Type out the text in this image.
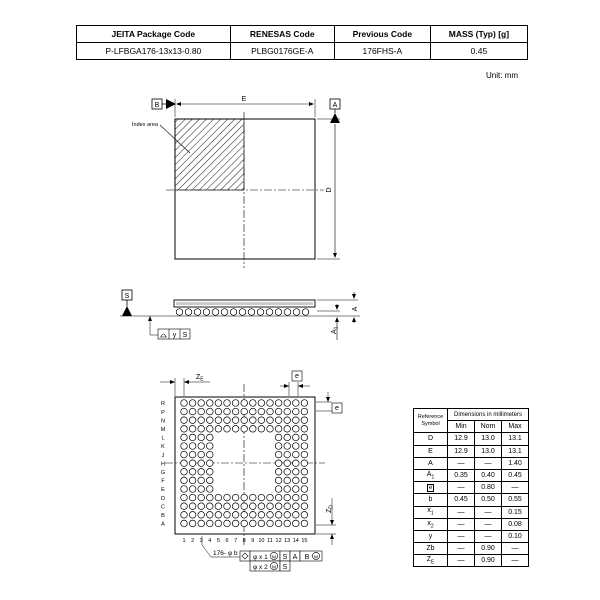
JEITA Package Code	RENESAS Code	Previous Code	MASS (Typ) [g]
P-LFBGA176-13x13-0.80	PLBG0176GE-A	176FHS-A	0.45
Unit: mm
Index area
B
E
A
D
S
A
$A_1$
y S
R
P
N
M
L
K
J
H
G
F
E
D
C
B
A
1 2 3 4 5 6 7 8 9 10 11 12 13 14 15
$Z_E$	e
e
$Z_D$
176- φ b
φ x 1 M S A B M
φ x 2 M S
Reference
Symbol	Dimensions in millimeters		
	Min	Nom	Max
D	12.9	13.0	13.1
E	12.9	13.0	13.1
A	—	—	1.40
$A_1$	0.35	0.40	0.45
e	—	0.80	—
b	0.45	0.50	0.55
$x_1$	—	—	0.15
$x_2$	—	—	0.08
y	—	—	0.10
Zb	—	0.90	—
$Z_E$	—	0.90	—
